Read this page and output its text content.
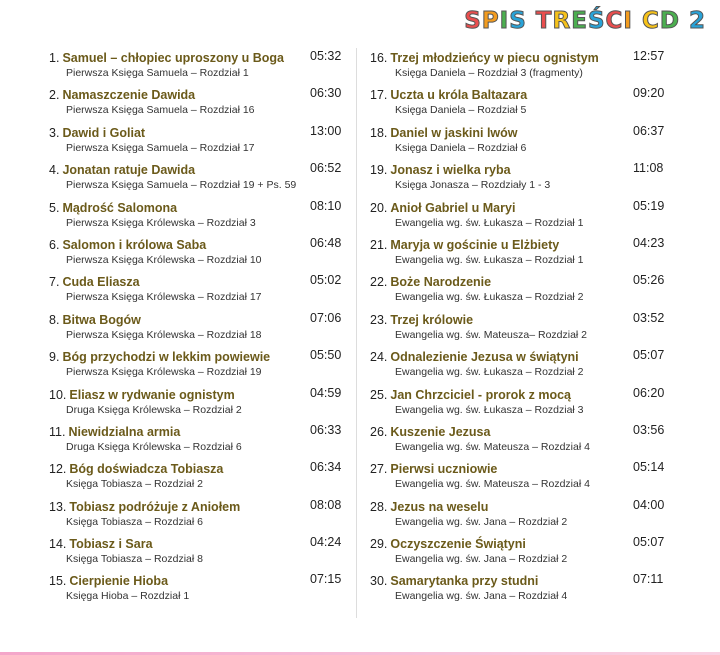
SPIS TREŚCI CD 2
1. Samuel – chłopiec uproszony u Boga 05:32
Pierwsza Księga Samuela – Rozdział 1
2. Namaszczenie Dawida	06:30
Pierwsza Księga Samuela – Rozdział 16
3. Dawid i Goliat	13:00
Pierwsza Księga Samuela – Rozdział 17
4. Jonatan ratuje Dawida	06:52
Pierwsza Księga Samuela – Rozdział 19 + Ps. 59
5. Mądrość Salomona	08:10
Pierwsza Księga Królewska – Rozdział 3
6. Salomon i królowa Saba	06:48
Pierwsza Księga Królewska – Rozdział 10
7. Cuda Eliasza	05:02
Pierwsza Księga Królewska – Rozdział 17
8. Bitwa Bogów	07:06
Pierwsza Księga Królewska – Rozdział 18
9. Bóg przychodzi w lekkim powiewie	05:50
Pierwsza Księga Królewska – Rozdział 19
10. Eliasz w rydwanie ognistym	04:59
Druga Księga Królewska – Rozdział 2
11. Niewidzialna armia	06:33
Druga Księga Królewska – Rozdział 6
12. Bóg doświadcza Tobiasza	06:34
Księga Tobiasza – Rozdział 2
13. Tobiasz podróżuje z Aniołem	08:08
Księga Tobiasza – Rozdział 6
14. Tobiasz i Sara	04:24
Księga Tobiasza – Rozdział 8
15. Cierpienie Hioba	07:15
Księga Hioba – Rozdział 1
16. Trzej młodzieńcy w piecu ognistym	12:57
Księga Daniela – Rozdział 3 (fragmenty)
17. Uczta u króla Baltazara	09:20
Księga Daniela – Rozdział 5
18. Daniel w jaskini lwów	06:37
Księga Daniela – Rozdział 6
19. Jonasz i wielka ryba	11:08
Księga Jonasza – Rozdziały 1 - 3
20. Anioł Gabriel u Maryi	05:19
Ewangelia wg. św. Łukasza – Rozdział 1
21. Maryja w gościnie u Elżbiety	04:23
Ewangelia wg. św. Łukasza – Rozdział 1
22. Boże Narodzenie	05:26
Ewangelia wg. św. Łukasza – Rozdział 2
23. Trzej królowie	03:52
Ewangelia wg. św. Mateusza– Rozdział 2
24. Odnalezienie Jezusa w świątyni	05:07
Ewangelia wg. św. Łukasza – Rozdział 2
25. Jan Chrzciciel - prorok z mocą	06:20
Ewangelia wg. św. Łukasza – Rozdział 3
26. Kuszenie Jezusa	03:56
Ewangelia wg. św. Mateusza – Rozdział 4
27. Pierwsi uczniowie	05:14
Ewangelia wg. św. Mateusza – Rozdział 4
28. Jezus na weselu	04:00
Ewangelia wg. św. Jana – Rozdział 2
29. Oczyszczenie Świątyni	05:07
Ewangelia wg. św. Jana – Rozdział 2
30. Samarytanka przy studni	07:11
Ewangelia wg. św. Jana – Rozdział 4
